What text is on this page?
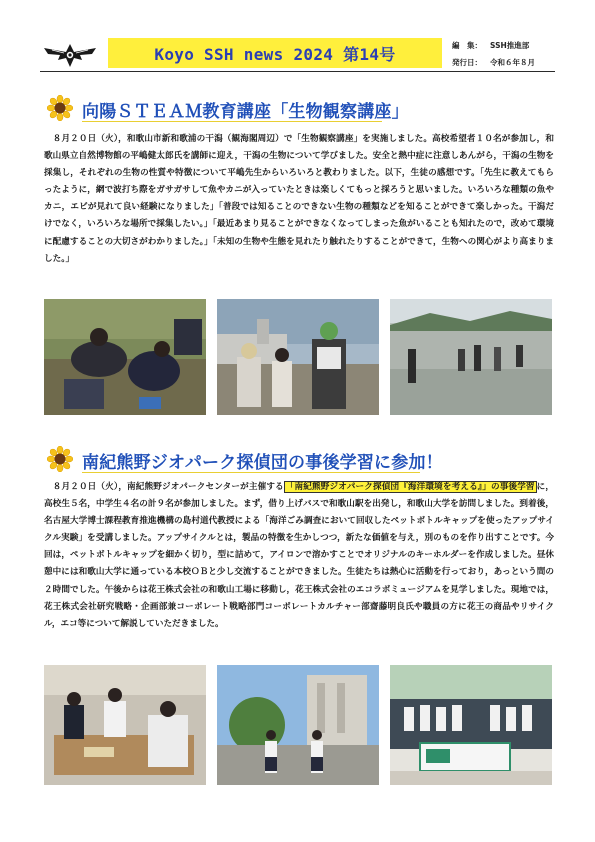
Koyo SSH news 2024 第14号	編　集： SSH推進部
発行日： 令和６年８月
向陽ＳＴＥＡＭ教育講座「生物観察講座」

　８月２０日（火），和歌山市新和歌浦の干潟（観海閣周辺）で「生物観察講座」を実施しました。高校希望者１０名が参加し，和歌山県立自然博物館の平嶋健太郎氏を講師に迎え，干潟の生物について学びました。安全と熱中症に注意しあんがら，干潟の生物を採集し，それぞれの生物の性質や特徴について平嶋先生からいろいろと教わりました。以下，生徒の感想です。「先生に教えてもらったように，網で波打ち際をガサガサして魚やカニが入っていたときは楽しくてもっと採ろうと思いました。いろいろな種類の魚やカニ，エビが見れて良い経験になりました」「普段では知ることのできない生物の種類などを知ることができて楽しかった。干潟だけでなく，いろいろな場所で採集したい。」「最近あまり見ることができなくなってしまった魚がいることも知れたので，改めて環境に配慮することの大切さがわかりました。」「未知の生物や生態を見れたり触れたりすることができて，生物への関心がより高まりました。」

南紀熊野ジオパーク探偵団の事後学習に参加！

　８月２０日（火），南紀熊野ジオパークセンターが主催する 「南紀熊野ジオパーク探偵団『海洋環境を考える』」の事後学習 に，高校生５名，中学生４名の計９名が参加しました。まず，借り上げバスで和歌山駅を出発し，和歌山大学を訪問しました。到着後，名古屋大学博士課程教育推進機構の島村道代教授による「海洋ごみ調査において回収したペットボトルキャップを使ったアップサイクル実験」を受講しました。アップサイクルとは，製品の特徴を生かしつつ，新たな価値を与え，別のものを作り出すことです。今回は，ペットボトルキャップを細かく切り，型に詰めて，アイロンで溶かすことでオリジナルのキーホルダーを作成しました。昼休憩中には和歌山大学に通っている本校ＯＢと少し交流することができました。生徒たちは熱心に活動を行っており，あっという間の２時間でした。午後からは花王株式会社の和歌山工場に移動し，花王株式会社のエコラボミュージアムを見学しました。現地では，花王株式会社研究戦略・企画部兼コーポレート戦略部門コーポレートカルチャー部齋藤明良氏や職員の方に花王の商品やリサイクル，エコ等について解説していただきました。
